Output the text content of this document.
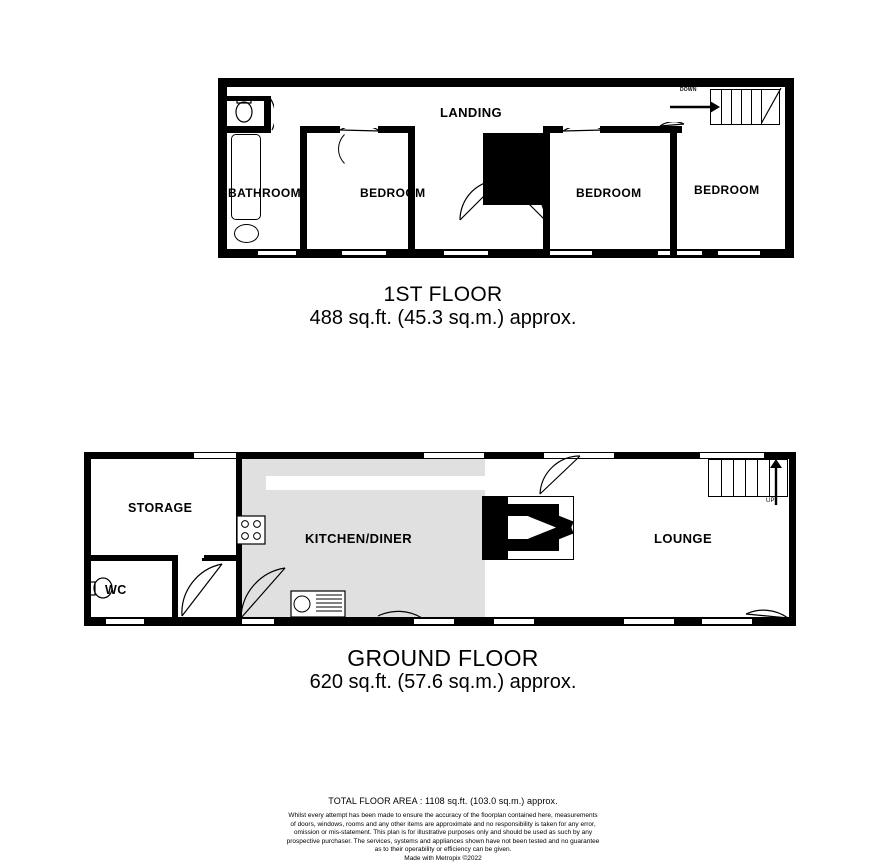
DOWN
LANDING
BATHROOM	BEDROOM	BEDROOM	BEDROOM
1ST FLOOR
488 sq.ft. (45.3 sq.m.) approx.
UP
STORAGE
WC
KITCHEN/DINER	LOUNGE
GROUND FLOOR
620 sq.ft. (57.6 sq.m.) approx.
TOTAL FLOOR AREA : 1108 sq.ft. (103.0 sq.m.) approx.
Whilst every attempt has been made to ensure the accuracy of the floorplan contained here, measurements
of doors, windows, rooms and any other items are approximate and no responsibility is taken for any error,
omission or mis-statement. This plan is for illustrative purposes only and should be used as such by any
prospective purchaser. The services, systems and appliances shown have not been tested and no guarantee
as to their operability or efficiency can be given.
Made with Metropix ©2022
